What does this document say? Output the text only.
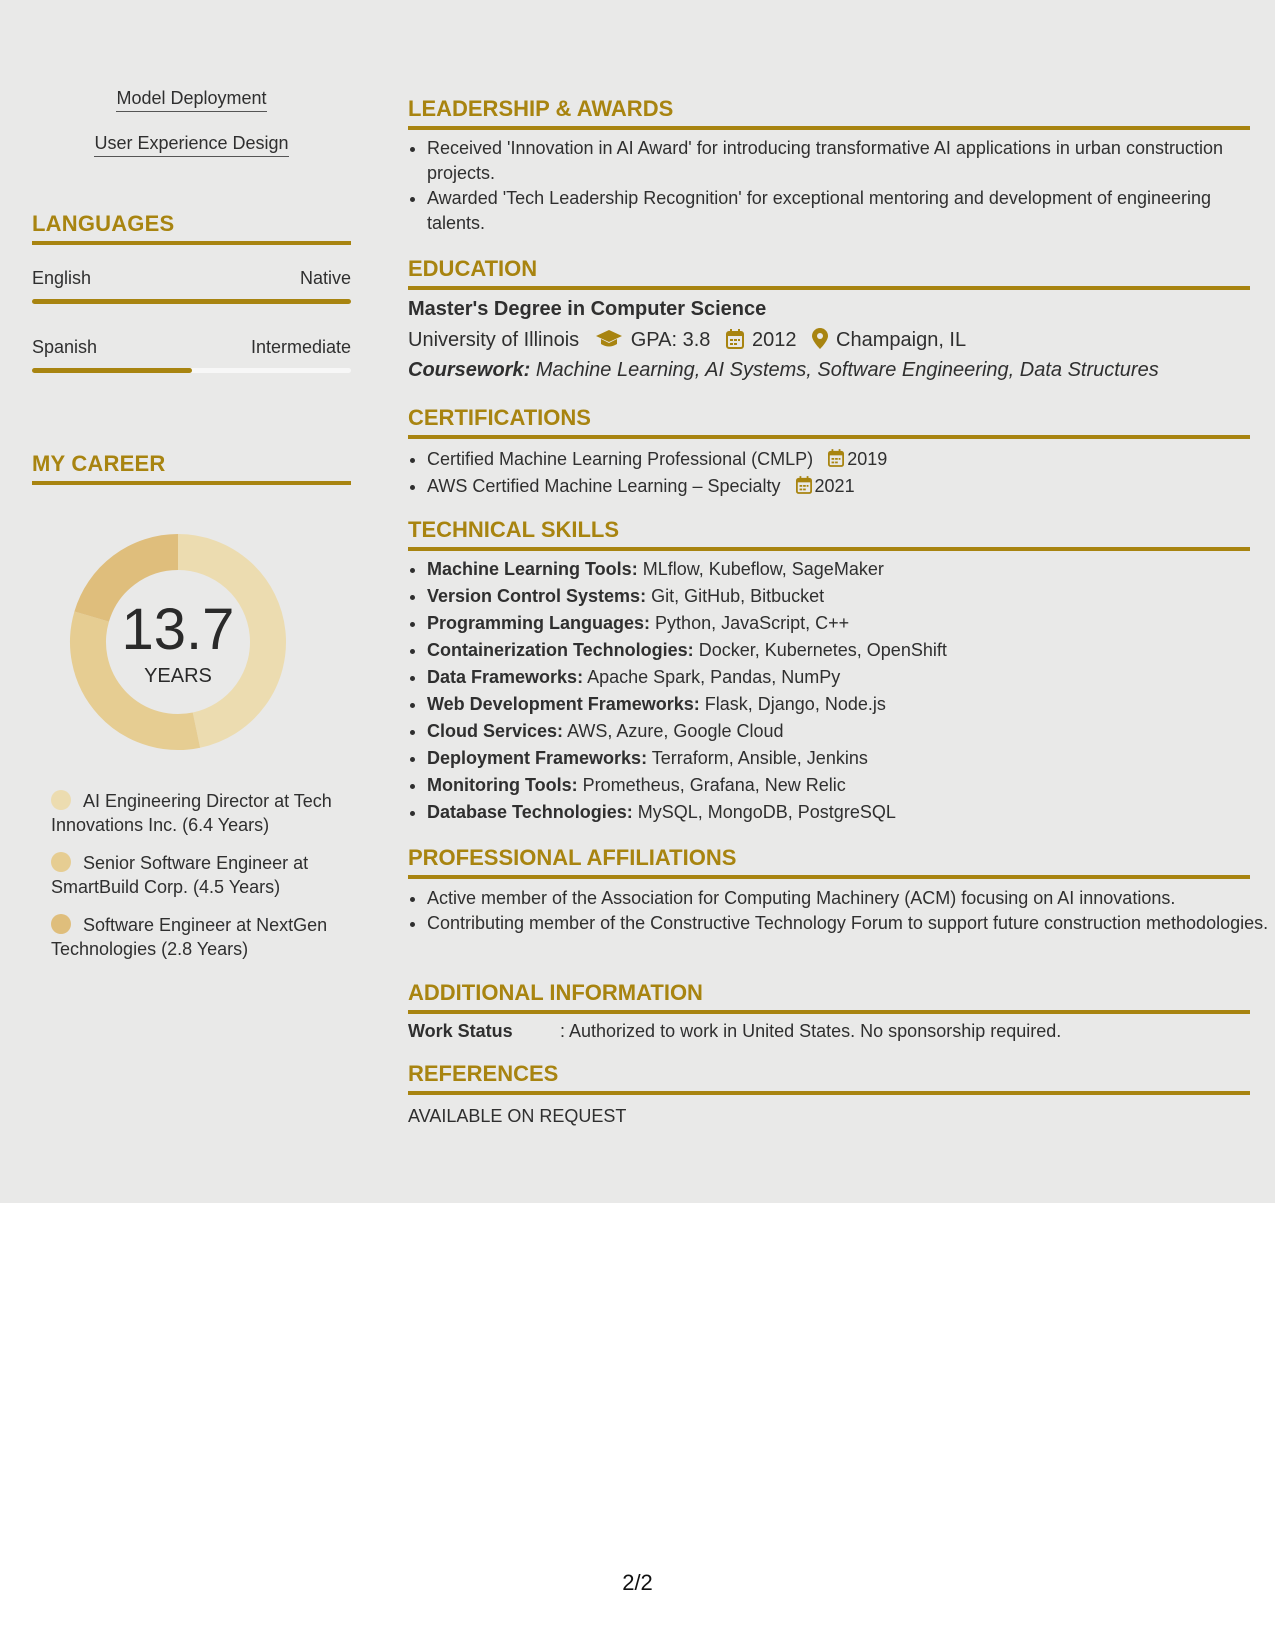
Model Deployment
User Experience Design
LANGUAGES
English	Native
Spanish	Intermediate
MY CAREER
13.7
YEARS
AI Engineering Director at Tech Innovations Inc. (6.4 Years)
Senior Software Engineer at SmartBuild Corp. (4.5 Years)
Software Engineer at NextGen Technologies (2.8 Years)
LEADERSHIP & AWARDS
• Received 'Innovation in AI Award' for introducing transformative AI applications in urban construction projects.
• Awarded 'Tech Leadership Recognition' for exceptional mentoring and development of engineering talents.
EDUCATION
Master's Degree in Computer Science
University of Illinois	GPA: 3.8 2012 Champaign, IL
Coursework: Machine Learning, AI Systems, Software Engineering, Data Structures
CERTIFICATIONS
• Certified Machine Learning Professional (CMLP) 2019
• AWS Certified Machine Learning – Specialty 2021
TECHNICAL SKILLS
• Machine Learning Tools: MLflow, Kubeflow, SageMaker
• Version Control Systems: Git, GitHub, Bitbucket
• Programming Languages: Python, JavaScript, C++
• Containerization Technologies: Docker, Kubernetes, OpenShift
• Data Frameworks: Apache Spark, Pandas, NumPy
• Web Development Frameworks: Flask, Django, Node.js
• Cloud Services: AWS, Azure, Google Cloud
• Deployment Frameworks: Terraform, Ansible, Jenkins
• Monitoring Tools: Prometheus, Grafana, New Relic
• Database Technologies: MySQL, MongoDB, PostgreSQL
PROFESSIONAL AFFILIATIONS
• Active member of the Association for Computing Machinery (ACM) focusing on AI innovations.
• Contributing member of the Constructive Technology Forum to support future construction methodologies.
ADDITIONAL INFORMATION
Work Status	: Authorized to work in United States. No sponsorship required.
REFERENCES
AVAILABLE ON REQUEST
2/2
